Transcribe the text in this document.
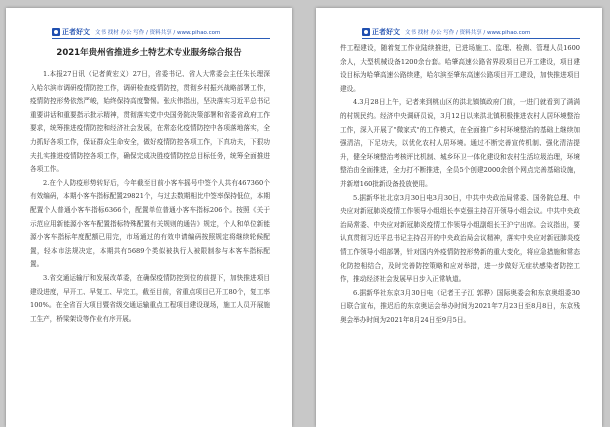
正者好文 文书 找材 办公 写作 / 资料共享 / www.pihao.com
2021年贵州省推进乡土特艺术专业服务综合报告

1.本报27日讯（记者黄宏义）27日，省委书记、省人大常委会主任朱长理深入哈尔滨市调研疫情防控工作，调研检查疫情防控，贯彻乡村振兴战略部署工作，疫情防控形势依然严峻，始终保持高度警惕。张庆伟指出，坚决落实习近平总书记重要讲话和重要指示批示精神，贯彻落实党中央国务院决策部署和省委省政府工作要求，统筹推进疫情防控和经济社会发展，在常态化疫情防控中各项落地落实，全力抓好各项工作，保证群众生命安全，做好疫情防控各项工作，下真功夫，下狠功夫扎实推进疫情防控各项工作，确保完成决胜疫情防控总目标任务，统筹全面推进各项工作。

2.在个人防疫形势转好后，今年截至目前小客车摇号中签个人共有467360个有效编码，本期小客车指标配置29821个，与过去数期相比中签率保持低位，本期配置个人普通小客车指标6366个，配置单位普通小客车指标206个。按照《关于示范应用新能源小客车配置指标特殊配置有关规则的通告》规定，个人和单位新能源小客车指标年度配额已用完，市场通过的有效申请编码按照规定将继续轮候配置，轻本市法规决定，本期共有5689个类似被执行人被限制参与本客车指标配置。

3.省交通运输厅和发展改革委，在确保疫情防控到位的前提下，加快推进项目建设进度，早开工、早复工、早完工，截至目前，省重点项目已开工80个，复工率100%。在全省百大项目暨省级交通运输重点工程项目建设现场，施工人员开展施工生产，桥梁架设等作业有序开展。

正者好文 文书 找材 办公 写作 / 资料共享 / www.pihao.com

件工程建设，随着复工作业陆续推进，已进场施工、监理、检测、管理人员1600余人，大型机械设备1200余台套。哈肇高速公路省界段项目已开工建设，项目建设目标为哈肇高速公路续建，哈尔滨至肇东高速公路项目开工建设，加快推进项目建设。

4.3月28日上午，记者来到桃山区的洪北镇镇政府门前，一进门就看到了满满的村规民约。经济中央调研员说，3月12日以来洪北镇积极推进农村人居环境整治工作，深入开展了"微家式"的工作模式，在全面推广乡村环境整治的基础上继续加强清洁，下足功夫，以优化农村人居环境。通过不断完善宣传机制、强化清洁提升，健全环境整治考核评比机制、城乡环卫一体化建设和农村生活垃圾治理，环境整治由全面推进，全力打不断推进，全员5个创建2000余创个网点完善基础设施，并新增160批新设备投放使用。

5.据新华社北京3月30日电3月30日，中共中央政治局常委、国务院总理、中央应对新冠肺炎疫情工作领导小组组长李克强主持召开领导小组会议。中共中央政治局常委、中央应对新冠肺炎疫情工作领导小组副组长王沪宁出席。会议指出，要认真贯彻习近平总书记主持召开的中央政治局会议精神，落实中央应对新冠肺炎疫情工作领导小组部署，针对国内外疫情防控形势新的重大变化，将应急措施和常态化防控相结合，及时完善防控策略和应对举措，进一步做好无症状感染者防控工作，推动经济社会发展早日步入正常轨道。

6.据新华社东京3月30日电（记者王子江 郭骅）国际奥委会和东京奥组委30日联合宣布，推迟后的东京奥运会举办时间为2021年7月23日至8月8日，东京残奥会举办时间为2021年8月24日至9月5日。
